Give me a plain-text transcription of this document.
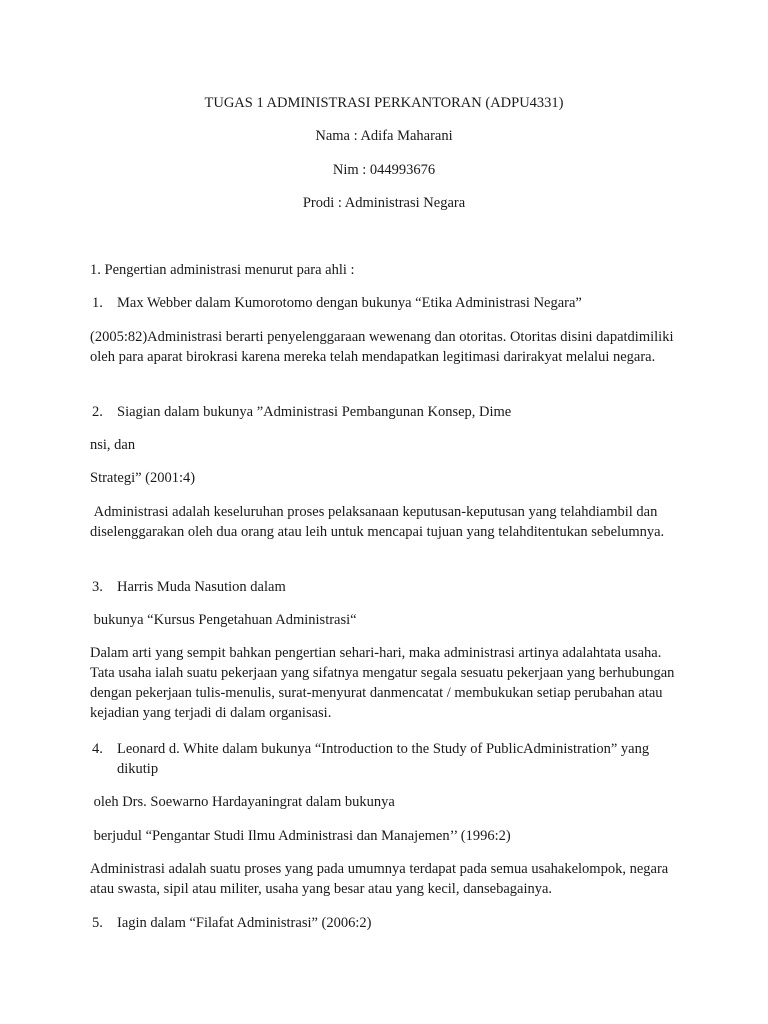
TUGAS 1 ADMINISTRASI PERKANTORAN (ADPU4331)

Nama : Adifa Maharani

Nim : 044993676

Prodi : Administrasi Negara

1. Pengertian administrasi menurut para ahli :

1. Max Webber dalam Kumorotomo dengan bukunya “Etika Administrasi Negara”

(2005:82)Administrasi berarti penyelenggaraan wewenang dan otoritas. Otoritas disini dapatdimiliki oleh para aparat birokrasi karena mereka telah mendapatkan legitimasi darirakyat melalui negara.

2. Siagian dalam bukunya ”Administrasi Pembangunan Konsep, Dime

nsi, dan

Strategi” (2001:4)

Administrasi adalah keseluruhan proses pelaksanaan keputusan-keputusan yang telahdiambil dan diselenggarakan oleh dua orang atau leih untuk mencapai tujuan yang telahditentukan sebelumnya.

3. Harris Muda Nasution dalam

bukunya “Kursus Pengetahuan Administrasi“

Dalam arti yang sempit bahkan pengertian sehari-hari, maka administrasi artinya adalahtata usaha. Tata usaha ialah suatu pekerjaan yang sifatnya mengatur segala sesuatu pekerjaan yang berhubungan dengan pekerjaan tulis-menulis, surat-menyurat danmencatat / membukukan setiap perubahan atau kejadian yang terjadi di dalam organisasi.

4. Leonard d. White dalam bukunya “Introduction to the Study of PublicAdministration” yang dikutip

oleh Drs. Soewarno Hardayaningrat dalam bukunya

berjudul “Pengantar Studi Ilmu Administrasi dan Manajemen’’ (1996:2)

Administrasi adalah suatu proses yang pada umumnya terdapat pada semua usahakelompok, negara atau swasta, sipil atau militer, usaha yang besar atau yang kecil, dansebagainya.

5. Iagin dalam “Filafat Administrasi” (2006:2)
